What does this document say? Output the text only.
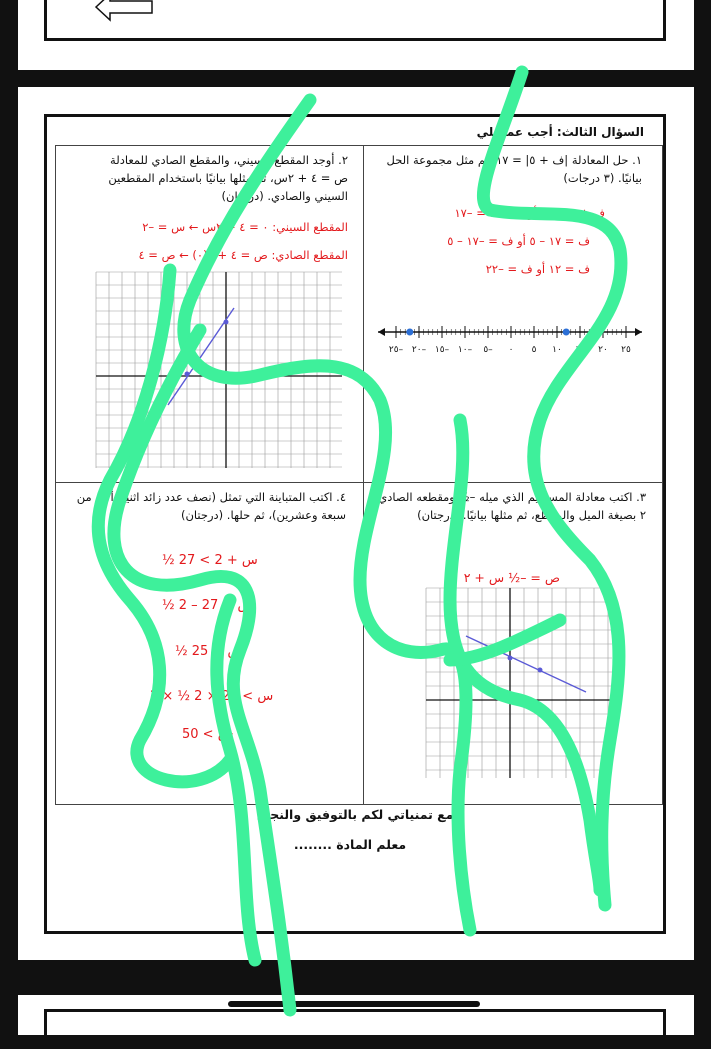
السؤال الثالث: أجب عما يلي
١. حل المعادلة |ف + ٥| = ١٧، ثم مثل مجموعة الحل بيانيًا. (٣ درجات)
ف + ٥ = ١٧ أو ف + ٥ = –١٧
ف = ١٧ – ٥ أو ف = –١٧ – ٥
ف = ١٢ أو ف = –٢٢
٢٥
٢٠
١٥
١٠
٥
٠
٥–
١٠–
١٥–
٢٠–
٢٥–
٢. أوجد المقطع السيني، والمقطع الصادي للمعادلة ص = ٤ + ٢س، ثم مثلها بيانيًا باستخدام المقطعين السيني والصادي. (درجتان)
المقطع السيني: ٠ = ٤ + ٢س ← س = –٢
المقطع الصادي: ص = ٤ + ٢(٠) ← ص = ٤
٣. اكتب معادلة المستقيم الذي ميله –½ ومقطعه الصادي ٢ بصيغة الميل والمقطع، ثم مثلها بيانيًا. (درجتان)
ص = –½ س + ٢
٤. اكتب المتباينة التي تمثل (نصف عدد زائد اثنين أكبر من سبعة وعشرين)، ثم حلها. (درجتان)
½ س + 2 > 27
½ س > 27 – 2
½ س > 25
2 × ½ س > 25 × 2
س > 50
مع تمنياتي لكم بالتوفيق والنجاح
معلم المادة ........
